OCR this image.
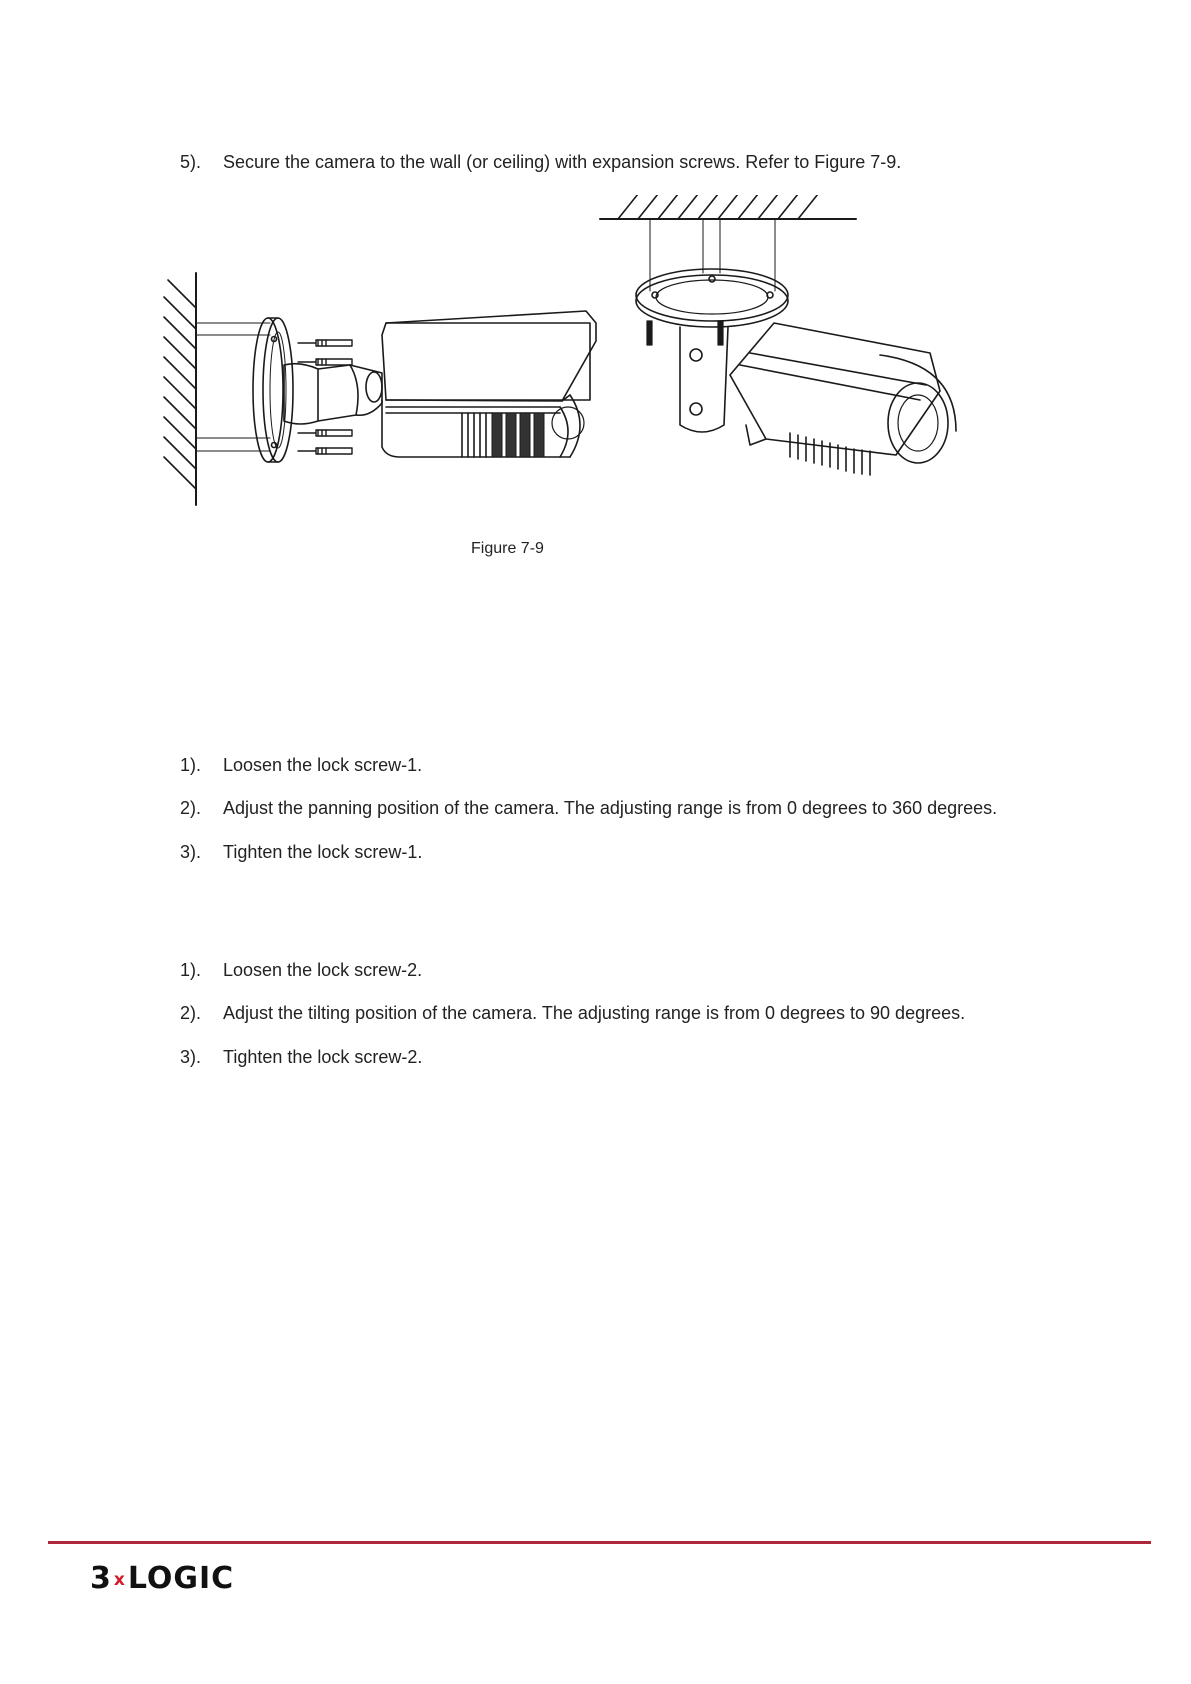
5). Secure the camera to the wall (or ceiling) with expansion screws. Refer to Figure 7-9.
Figure 7-9
1). Loosen the lock screw-1.
2). Adjust the panning position of the camera. The adjusting range is from 0 degrees to 360 degrees.
3). Tighten the lock screw-1.
1). Loosen the lock screw-2.
2). Adjust the tilting position of the camera. The adjusting range is from 0 degrees to 90 degrees.
3). Tighten the lock screw-2.
3 xLOGIC
